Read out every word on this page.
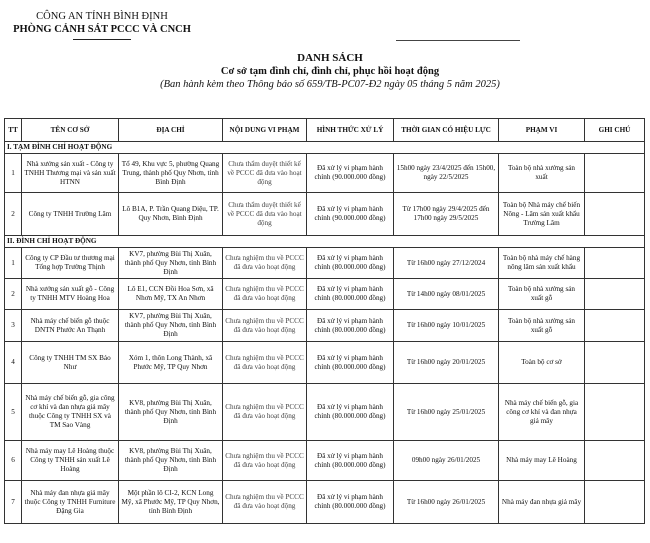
CÔNG AN TỈNH BÌNH ĐỊNH
PHÒNG CẢNH SÁT PCCC VÀ CNCH
DANH SÁCH
Cơ sở tạm đình chỉ, đình chỉ, phục hồi hoạt động
(Ban hành kèm theo Thông báo số 659/TB-PC07-Đ2 ngày 05 tháng 5 năm 2025)
TT	TÊN CƠ SỞ	ĐỊA CHỈ	NỘI DUNG VI PHẠM	HÌNH THỨC XỬ LÝ	THỜI GIAN CÓ HIỆU LỰC	PHẠM VI	GHI CHÚ
I. TẠM ĐÌNH CHỈ HOẠT ĐỘNG							
1	Nhà xưởng sản xuất - Công ty TNHH Thương mại và sản xuất HTNN	Tổ 49, Khu vực 5, phường Quang Trung, thành phố Quy Nhơn, tỉnh Bình Định	Chưa thẩm duyệt thiết kế về PCCC đã đưa vào hoạt động	Đã xử lý vi phạm hành chính (90.000.000 đồng)	15h00 ngày 23/4/2025 đến 15h00, ngày 22/5/2025	Toàn bộ nhà xưởng sản xuất	
2	Công ty TNHH Trường Lâm	Lô B1A, P. Trần Quang Diệu, TP. Quy Nhơn, Bình Định	Chưa thẩm duyệt thiết kế về PCCC đã đưa vào hoạt động	Đã xử lý vi phạm hành chính (90.000.000 đồng)	Từ 17h00 ngày 29/4/2025 đến 17h00 ngày 29/5/2025	Toàn bộ Nhà máy chế biến Nông - Lâm sản xuất khẩu Trường Lâm	
II. ĐÌNH CHỈ HOẠT ĐỘNG							
1	Công ty CP Đầu tư thương mại Tổng hợp Trường Thịnh	KV7, phường Bùi Thị Xuân, thành phố Quy Nhơn, tỉnh Bình Định	Chưa nghiệm thu về PCCC đã đưa vào hoạt động	Đã xử lý vi phạm hành chính (80.000.000 đồng)	Từ 16h00 ngày 27/12/2024	Toàn bộ nhà máy chế hàng nông lâm sản xuất khẩu	
2	Nhà xưởng sản xuất gỗ - Công ty TNHH MTV Hoàng Hoa	Lô E1, CCN Đồi Hoa Sơn, xã Nhơn Mỹ, TX An Nhơn	Chưa nghiệm thu về PCCC đã đưa vào hoạt động	Đã xử lý vi phạm hành chính (80.000.000 đồng)	Từ 14h00 ngày 08/01/2025	Toàn bộ nhà xưởng sản xuất gỗ	
3	Nhà máy chế biến gỗ thuộc DNTN Phước An Thạnh	KV7, phường Bùi Thị Xuân, thành phố Quy Nhơn, tỉnh Bình Định	Chưa nghiệm thu về PCCC đã đưa vào hoạt động	Đã xử lý vi phạm hành chính (80.000.000 đồng)	Từ 16h00 ngày 10/01/2025	Toàn bộ nhà xưởng sản xuất gỗ	
4	Công ty TNHH TM SX Bảo Như	Xóm 1, thôn Long Thành, xã Phước Mỹ, TP Quy Nhơn	Chưa nghiệm thu về PCCC đã đưa vào hoạt động	Đã xử lý vi phạm hành chính (80.000.000 đồng)	Từ 16h00 ngày 20/01/2025	Toàn bộ cơ sở	
5	Nhà máy chế biến gỗ, gia công cơ khí và đan nhựa giả mây thuộc Công ty TNHH SX và TM Sao Vàng	KV8, phường Bùi Thị Xuân, thành phố Quy Nhơn, tỉnh Bình Định	Chưa nghiệm thu về PCCC đã đưa vào hoạt động	Đã xử lý vi phạm hành chính (80.000.000 đồng)	Từ 16h00 ngày 25/01/2025	Nhà máy chế biến gỗ, gia công cơ khí và đan nhựa giả mây	
6	Nhà máy may Lê Hoàng thuộc Công ty TNHH sản xuất Lê Hoàng	KV8, phường Bùi Thị Xuân, thành phố Quy Nhơn, tỉnh Bình Định	Chưa nghiệm thu về PCCC đã đưa vào hoạt động	Đã xử lý vi phạm hành chính (80.000.000 đồng)	09h00 ngày 26/01/2025	Nhà máy may Lê Hoàng	
7	Nhà máy đan nhựa giả mây thuộc Công ty TNHH Furniture Đặng Gia	Một phần lô CI-2, KCN Long Mỹ, xã Phước Mỹ, TP Quy Nhơn, tỉnh Bình Định	Chưa nghiệm thu về PCCC đã đưa vào hoạt động	Đã xử lý vi phạm hành chính (80.000.000 đồng)	Từ 16h00 ngày 26/01/2025	Nhà máy đan nhựa giả mây	
